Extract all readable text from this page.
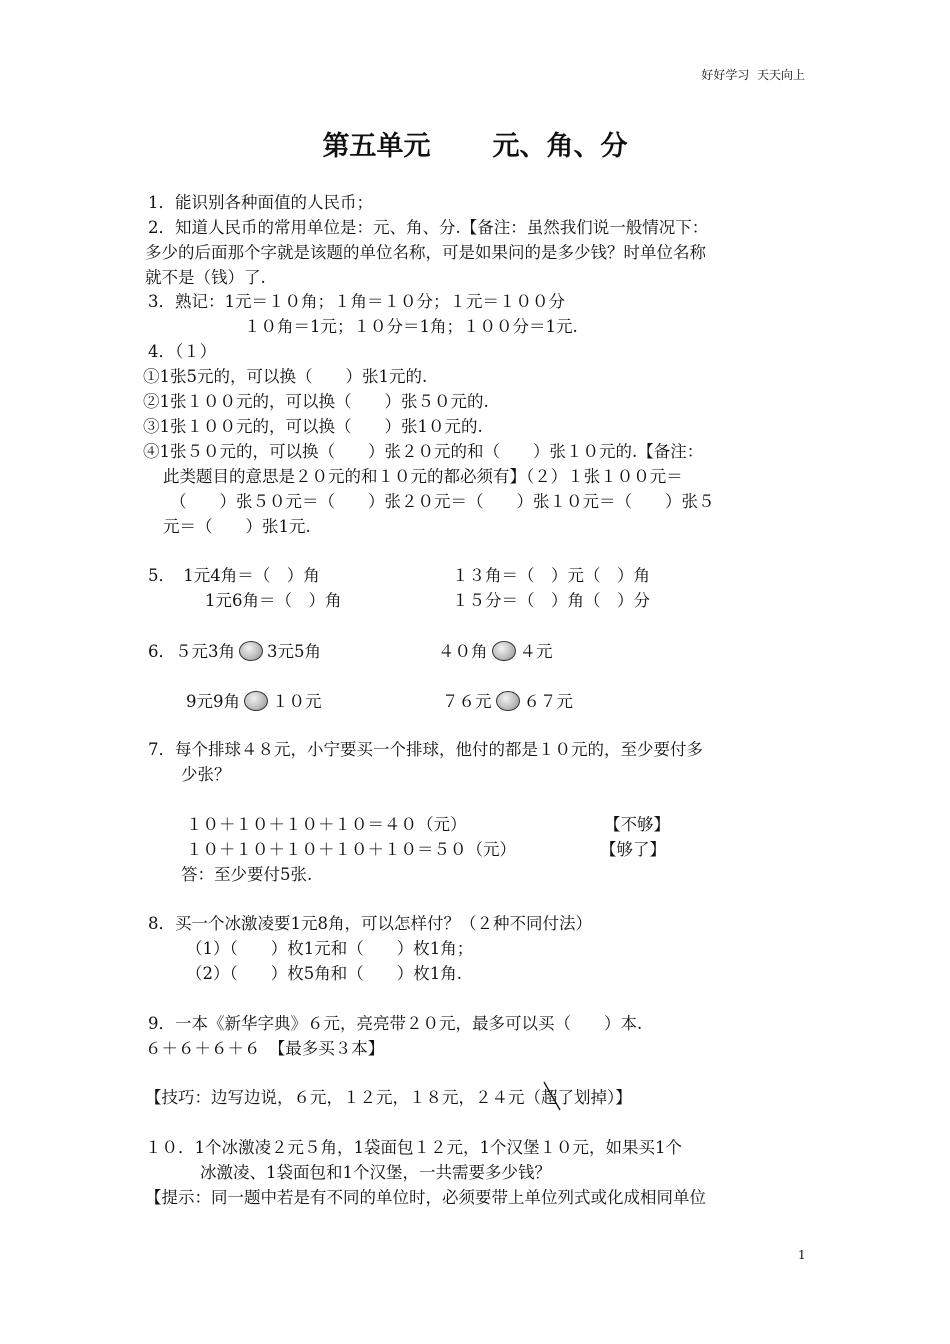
好好学习  天天向上
第五单元 元、角、分
1．能识别各种面值的人民币；
2．知道人民币的常用单位是：元、角、分.【备注：虽然我们说一般情况下：
多少的后面那个字就是该题的单位名称，可是如果问的是多少钱？时单位名称
就不是（钱）了.
3．熟记：1元＝１０角；１角＝１０分；１元＝１００分
１０角＝1元；１０分＝1角；１００分＝1元.
4．（１）
①1张5元的，可以换（　　）张1元的.
②1张１００元的，可以换（　　）张５０元的.
③1张１００元的，可以换（　　）张1０元的.
④1张５０元的，可以换（　　）张２０元的和（　　）张１０元的.【备注：
此类题目的意思是２０元的和１０元的都必须有】（２）１张１００元＝
（　　）张５０元＝（　　）张２０元＝（　　）张１０元＝（　　）张５
元＝（　　）张1元.
5．　1元4角＝（　）角	１３角＝（　）元（　）角
1元6角＝（　）角	１５分＝（　）角（　）分
6．５元3角 3元5角	４０角 ４元
9元9角 １０元	７６元 ６７元
7．每个排球４８元，小宁要买一个排球，他付的都是１０元的，至少要付多
少张？
１０＋１０＋１０＋１０＝４０（元）	【不够】
１０＋１０＋１０＋１０＋１０＝５０（元）	【够了】
答：至少要付5张.
8．买一个冰激凌要1元8角，可以怎样付？（２种不同付法）
（1）（　　）枚1元和（　　）枚1角；
（2）（　　）枚5角和（　　）枚1角.
9．一本《新华字典》６元，亮亮带２０元，最多可以买（　　）本.
６＋６＋６＋６　【最多买３本】
【技巧：边写边说，６元，１２元，１８元，２４元（超了划掉）】
１０．1个冰激凌２元５角，1袋面包１２元，1个汉堡１０元，如果买1个
冰激凌、1袋面包和1个汉堡，一共需要多少钱？
【提示：同一题中若是有不同的单位时，必须要带上单位列式或化成相同单位
1
